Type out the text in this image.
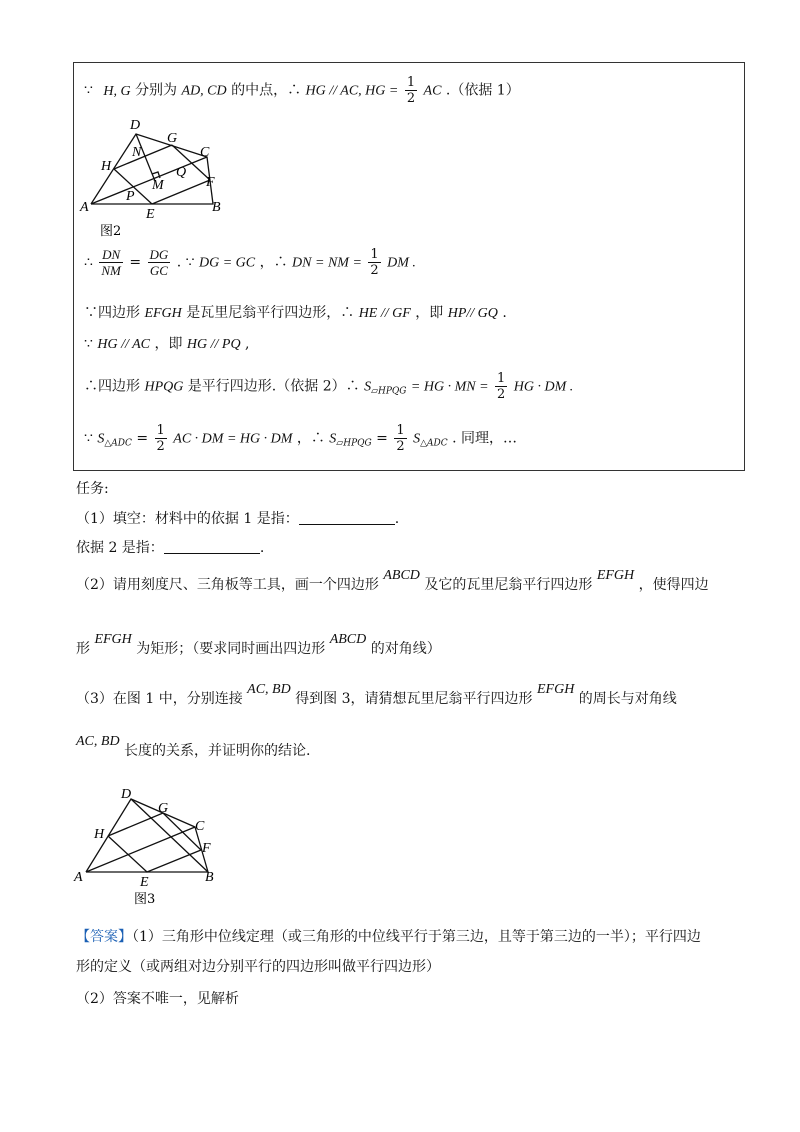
∵ H, G 分别为 AD, CD 的中点，∴ HG // AC, HG = $\frac{1}{2}$ AC .（依据 1）
D
G
C
H
N
M
Q
F
A
P
E	B
图2
∴ $\frac{DN}{NM} = \frac{DG}{GC}$ . ∵ DG = GC ，∴ DN = NM = $\frac{1}{2}$ DM .
∵四边形 EFGH 是瓦里尼翁平行四边形，∴ HE // GF ，即 HP// GQ .
∵ HG // AC ，即 HG // PQ ,
∴四边形 HPQG 是平行四边形.（依据 2）∴ $S_{▱HPQG}$ = HG · MN = $\frac{1}{2}$ HG · DM .
∵ $S_{\triangle ADC} = \frac{1}{2}$ AC · DM = HG · DM ，∴ $S_{▱HPQG} = \frac{1}{2} S_{\triangle ADC}$ . 同理，…
任务:
（1）填空：材料中的依据 1 是指：	.
依据 2 是指：	.
（2）请用刻度尺、三角板等工具，画一个四边形 ABCD 及它的瓦里尼翁平行四边形 EFGH ，使得四边
形 EFGH 为矩形；（要求同时画出四边形 ABCD 的对角线）
（3）在图 1 中，分别连接 AC, BD 得到图 3，请猜想瓦里尼翁平行四边形 EFGH 的周长与对角线
AC, BD 长度的关系，并证明你的结论.
D
G
C
H
F
A	E	B
图3
【答案】（1）三角形中位线定理（或三角形的中位线平行于第三边，且等于第三边的一半）；平行四边
形的定义（或两组对边分别平行的四边形叫做平行四边形）
（2）答案不唯一，见解析
